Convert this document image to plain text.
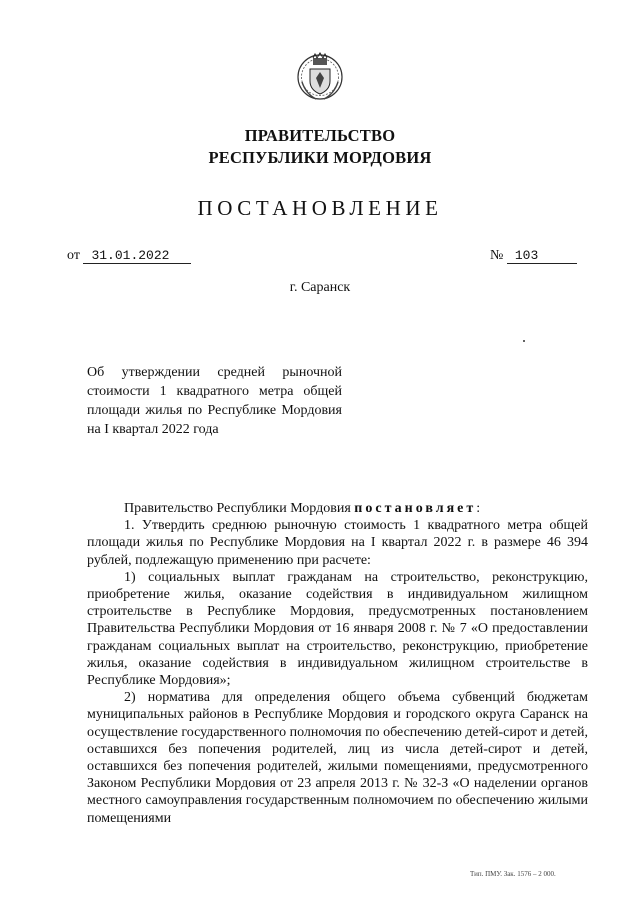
ПРАВИТЕЛЬСТВО
РЕСПУБЛИКИ МОРДОВИЯ
ПОСТАНОВЛЕНИЕ
от 31.01.2022	№ 103
г. Саранск
Об утверждении средней рыночной стоимости 1 квадратного метра общей площади жилья по Республике Мордовия на I квартал 2022 года

Правительство Республики Мордовия постановляет:

1. Утвердить среднюю рыночную стоимость 1 квадратного метра общей площади жилья по Республике Мордовия на I квартал 2022 г. в размере 46 394 рублей, подлежащую применению при расчете:

1) социальных выплат гражданам на строительство, реконструкцию, приобретение жилья, оказание содействия в индивидуальном жилищном строительстве в Республике Мордовия, предусмотренных постановлением Правительства Республики Мордовия от 16 января 2008 г. № 7 «О предоставлении гражданам социальных выплат на строительство, реконструкцию, приобретение жилья, оказание содействия в индивидуальном жилищном строительстве в Республике Мордовия»;

2) норматива для определения общего объема субвенций бюджетам муниципальных районов в Республике Мордовия и городского округа Саранск на осуществление государственного полномочия по обеспечению детей-сирот и детей, оставшихся без попечения родителей, лиц из числа детей-сирот и детей, оставшихся без попечения родителей, жилыми помещениями, предусмотренного Законом Республики Мордовия от 23 апреля 2013 г. № 32-З «О наделении органов местного самоуправления государственным полномочием по обеспечению жилыми помещениями

Тип. ПМУ. Зак. 1576 – 2 000.
